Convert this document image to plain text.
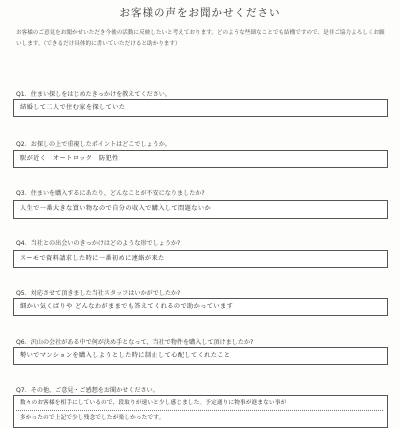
お客様の声をお聞かせください
お客様のご意見をお聞かせいただき今後の活動に反映したいと考えております。どのような些細なことでも結構ですので、是非ご協力よろしくお願いします。（できるだけ具体的に書いていただけると助かります）
Q1．住まい探しをはじめたきっかけを教えてください。
結婚して二人で住む家を探していた
Q2．お探しの上で重視したポイントはどこでしょうか。
駅が近く　オートロック　防犯性
Q3．住まいを購入するにあたり、どんなことが不安になりましたか?
人生で一番大きな買い物なので自分の収入で購入して問題ないか
Q4．当社との出会いのきっかけはどのような形でしょうか?
スーモで資料請求した時に一番初めに連絡が来た
Q5．対応させて頂きました当社スタッフはいかがでしたか?
細かい気くばりや どんなわがままでも答えてくれるので助かっています
Q6．沢山の会社がある中で何が決め手となって、当社で物件を購入して頂けましたか?
勢いでマンションを購入しようとした時に制止して心配してくれたこと
Q7．その他、ご意見・ご感想をお聞かせください。
数々のお客様を相手にしているので、段取りが速いと少し感じました。予定通りに物事が進まない事が
多かったので上記で少し残念でしたが楽しかったです。
